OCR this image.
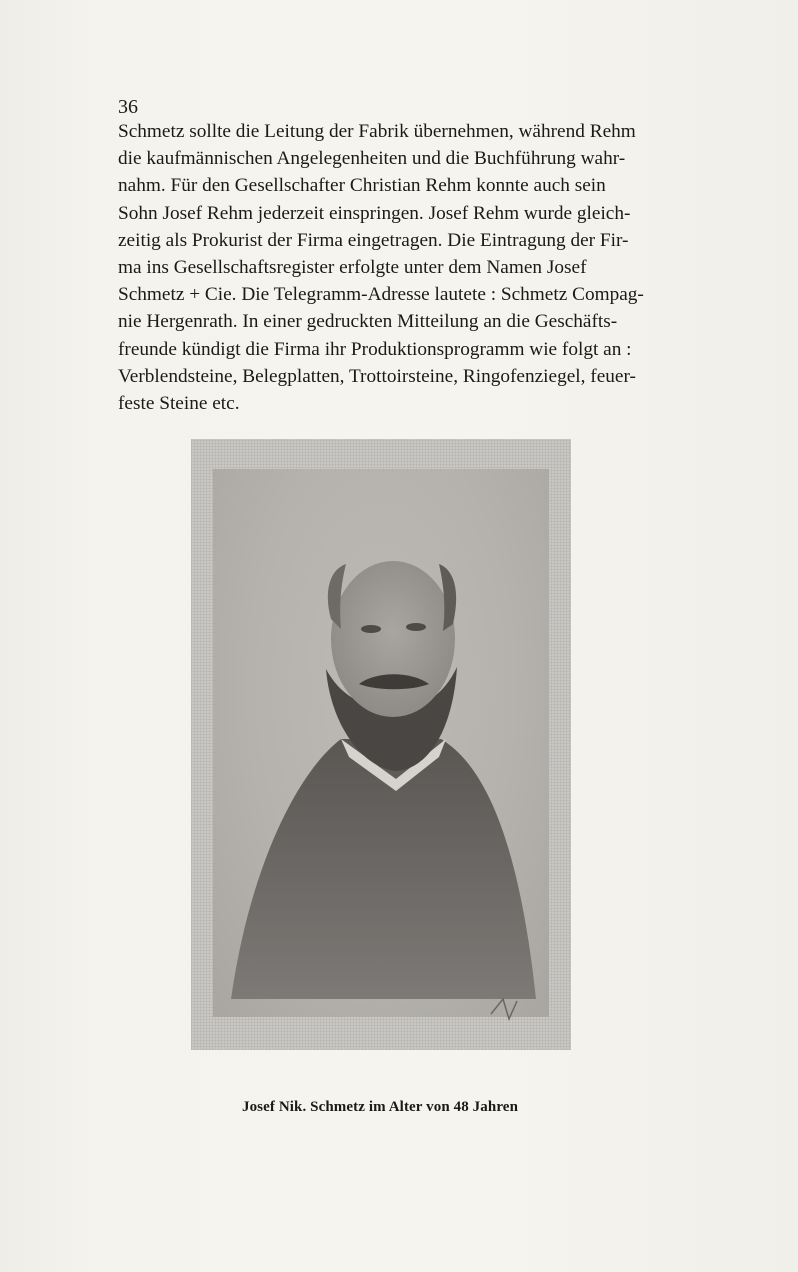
36

Schmetz sollte die Leitung der Fabrik übernehmen, während Rehm

die kaufmännischen Angelegenheiten und die Buchführung wahr-

nahm. Für den Gesellschafter Christian Rehm konnte auch sein

Sohn Josef Rehm jederzeit einspringen. Josef Rehm wurde gleich-

zeitig als Prokurist der Firma eingetragen. Die Eintragung der Fir-

ma ins Gesellschaftsregister erfolgte unter dem Namen Josef

Schmetz + Cie. Die Telegramm-Adresse lautete : Schmetz Compag-

nie Hergenrath. In einer gedruckten Mitteilung an die Geschäfts-

freunde kündigt die Firma ihr Produktionsprogramm wie folgt an :

Verblendsteine, Belegplatten, Trottoirsteine, Ringofenziegel, feuer-

feste Steine etc.

Josef Nik. Schmetz im Alter von 48 Jahren
